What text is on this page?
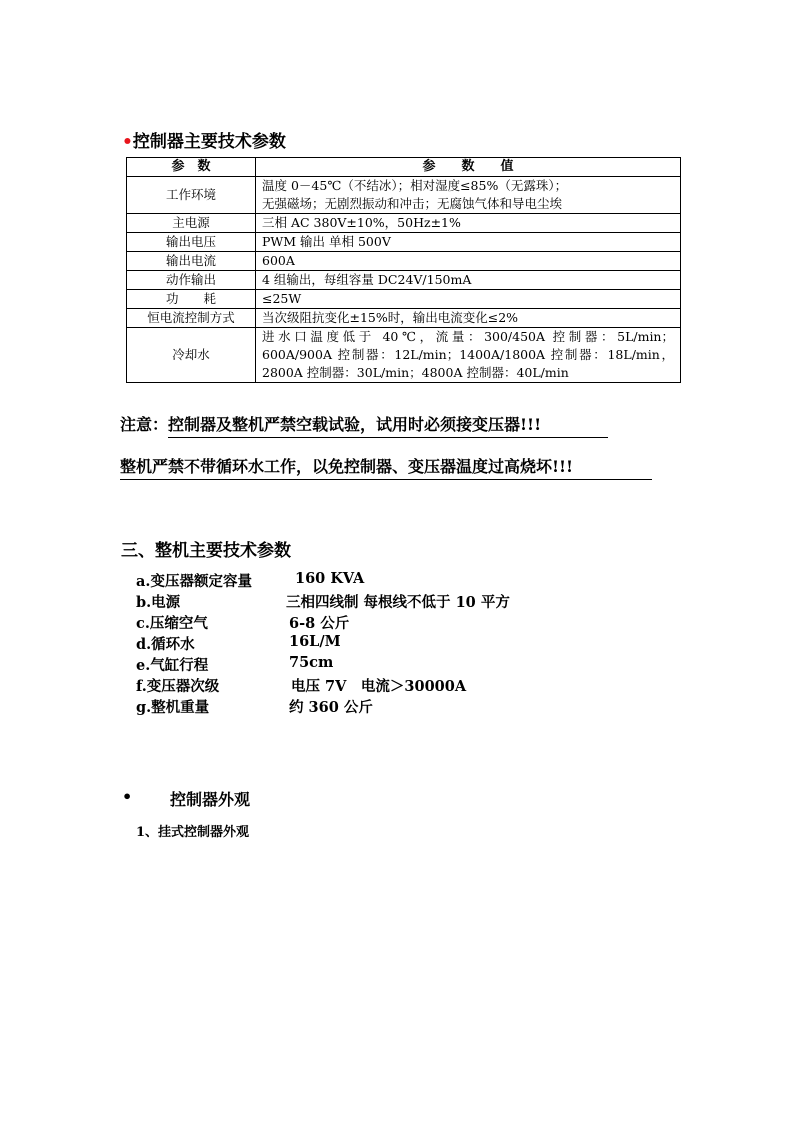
•控制器主要技术参数
参　数	参　　数　　值
工作环境	温度 0－45℃（不结冰）；相对湿度≤85%（无露珠）；
无强磁场；无剧烈振动和冲击；无腐蚀气体和导电尘埃

主电源	三相 AC 380V±10%，50Hz±1%
输出电压	PWM 输出 单相 500V
输出电流	600A
动作输出	4 组输出，每组容量 DC24V/150mA
功　　耗	≤25W
恒电流控制方式	当次级阻抗变化±15%时，输出电流变化≤2%
冷却水	进水口温度低于 40℃，流量：300/450A 控制器：5L/min；
600A/900A 控制器：12L/min；1400A/1800A 控制器：18L/min，
2800A 控制器：30L/min；4800A 控制器：40L/min
注意：控制器及整机严禁空载试验，试用时必须接变压器!!!
整机严禁不带循环水工作，以免控制器、变压器温度过高烧坏!!!
三、整机主要技术参数
a.变压器额定容量	160 KVA
b.电源	三相四线制 每根线不低于 10 平方
c.压缩空气	6-8 公斤
d.循环水	16L/M
e.气缸行程	75cm
f.变压器次级	电压 7V　电流＞30000A
g.整机重量	约 360 公斤
• 控制器外观
1、挂式控制器外观
